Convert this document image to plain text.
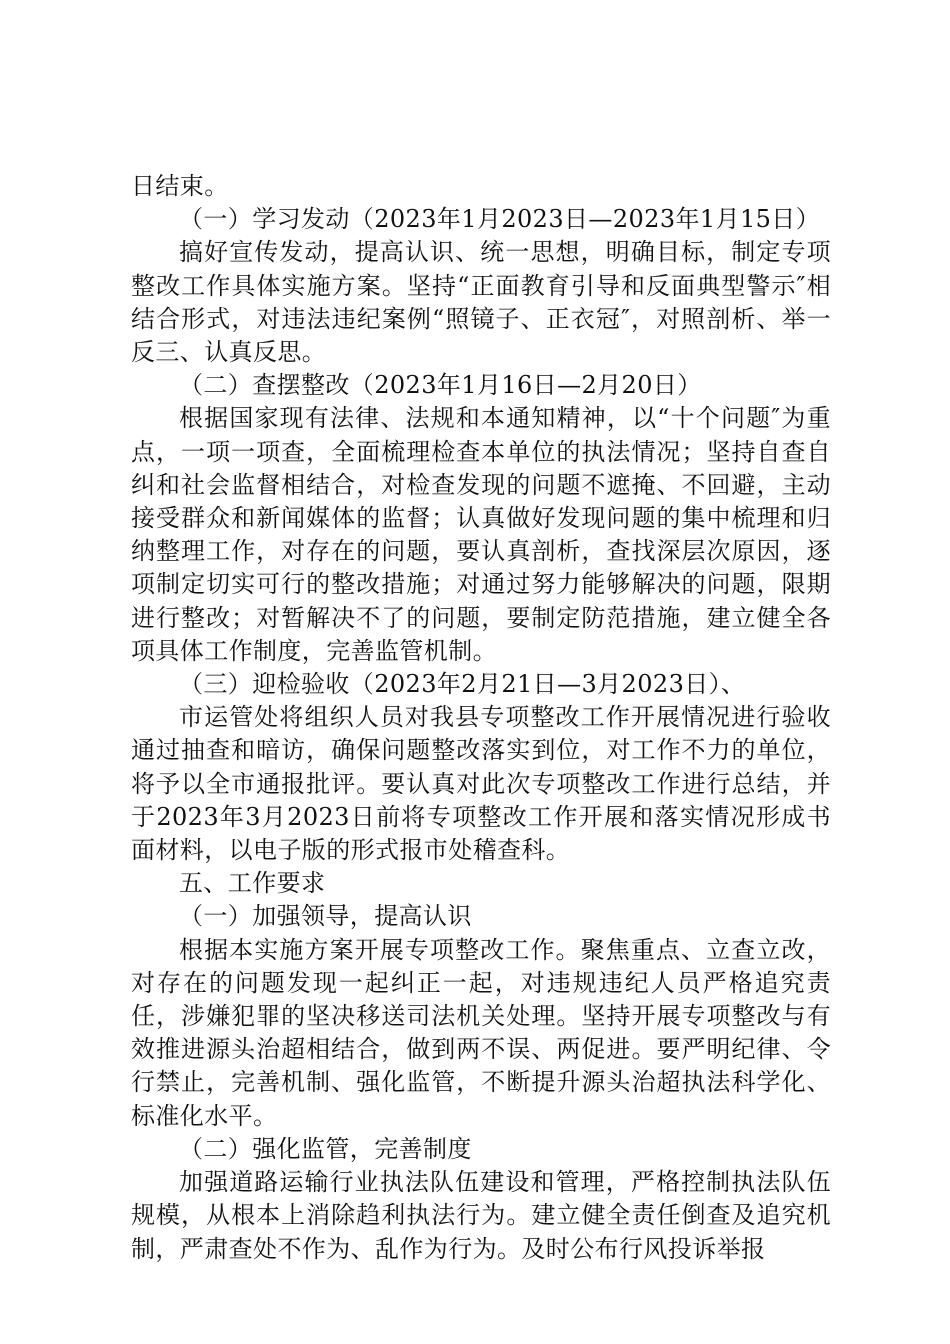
日结束。

（一）学习发动（2023年1月2023日—2023年1月15日）

搞好宣传发动，提高认识、统一思想，明确目标，制定专项整改工作具体实施方案。坚持“正面教育引导和反面典型警示″相结合形式，对违法违纪案例“照镜子、正衣冠″，对照剖析、举一反三、认真反思。

（二）查摆整改（2023年1月16日—2月20日）

根据国家现有法律、法规和本通知精神，以“十个问题″为重点，一项一项查，全面梳理检查本单位的执法情况；坚持自查自纠和社会监督相结合，对检查发现的问题不遮掩、不回避，主动接受群众和新闻媒体的监督；认真做好发现问题的集中梳理和归纳整理工作，对存在的问题，要认真剖析，查找深层次原因，逐项制定切实可行的整改措施；对通过努力能够解决的问题，限期进行整改；对暂解决不了的问题，要制定防范措施，建立健全各项具体工作制度，完善监管机制。

（三）迎检验收（2023年2月21日—3月2023日）、

市运管处将组织人员对我县专项整改工作开展情况进行验收通过抽查和暗访，确保问题整改落实到位，对工作不力的单位，将予以全市通报批评。要认真对此次专项整改工作进行总结，并于2023年3月2023日前将专项整改工作开展和落实情况形成书面材料，以电子版的形式报市处稽查科。

五、工作要求

（一）加强领导，提高认识

根据本实施方案开展专项整改工作。聚焦重点、立查立改，对存在的问题发现一起纠正一起，对违规违纪人员严格追究责任，涉嫌犯罪的坚决移送司法机关处理。坚持开展专项整改与有效推进源头治超相结合，做到两不误、两促进。要严明纪律、令行禁止，完善机制、强化监管，不断提升源头治超执法科学化、标准化水平。

（二）强化监管，完善制度

加强道路运输行业执法队伍建设和管理，严格控制执法队伍规模，从根本上消除趋利执法行为。建立健全责任倒查及追究机制，严肃查处不作为、乱作为行为。及时公布行风投诉举报
